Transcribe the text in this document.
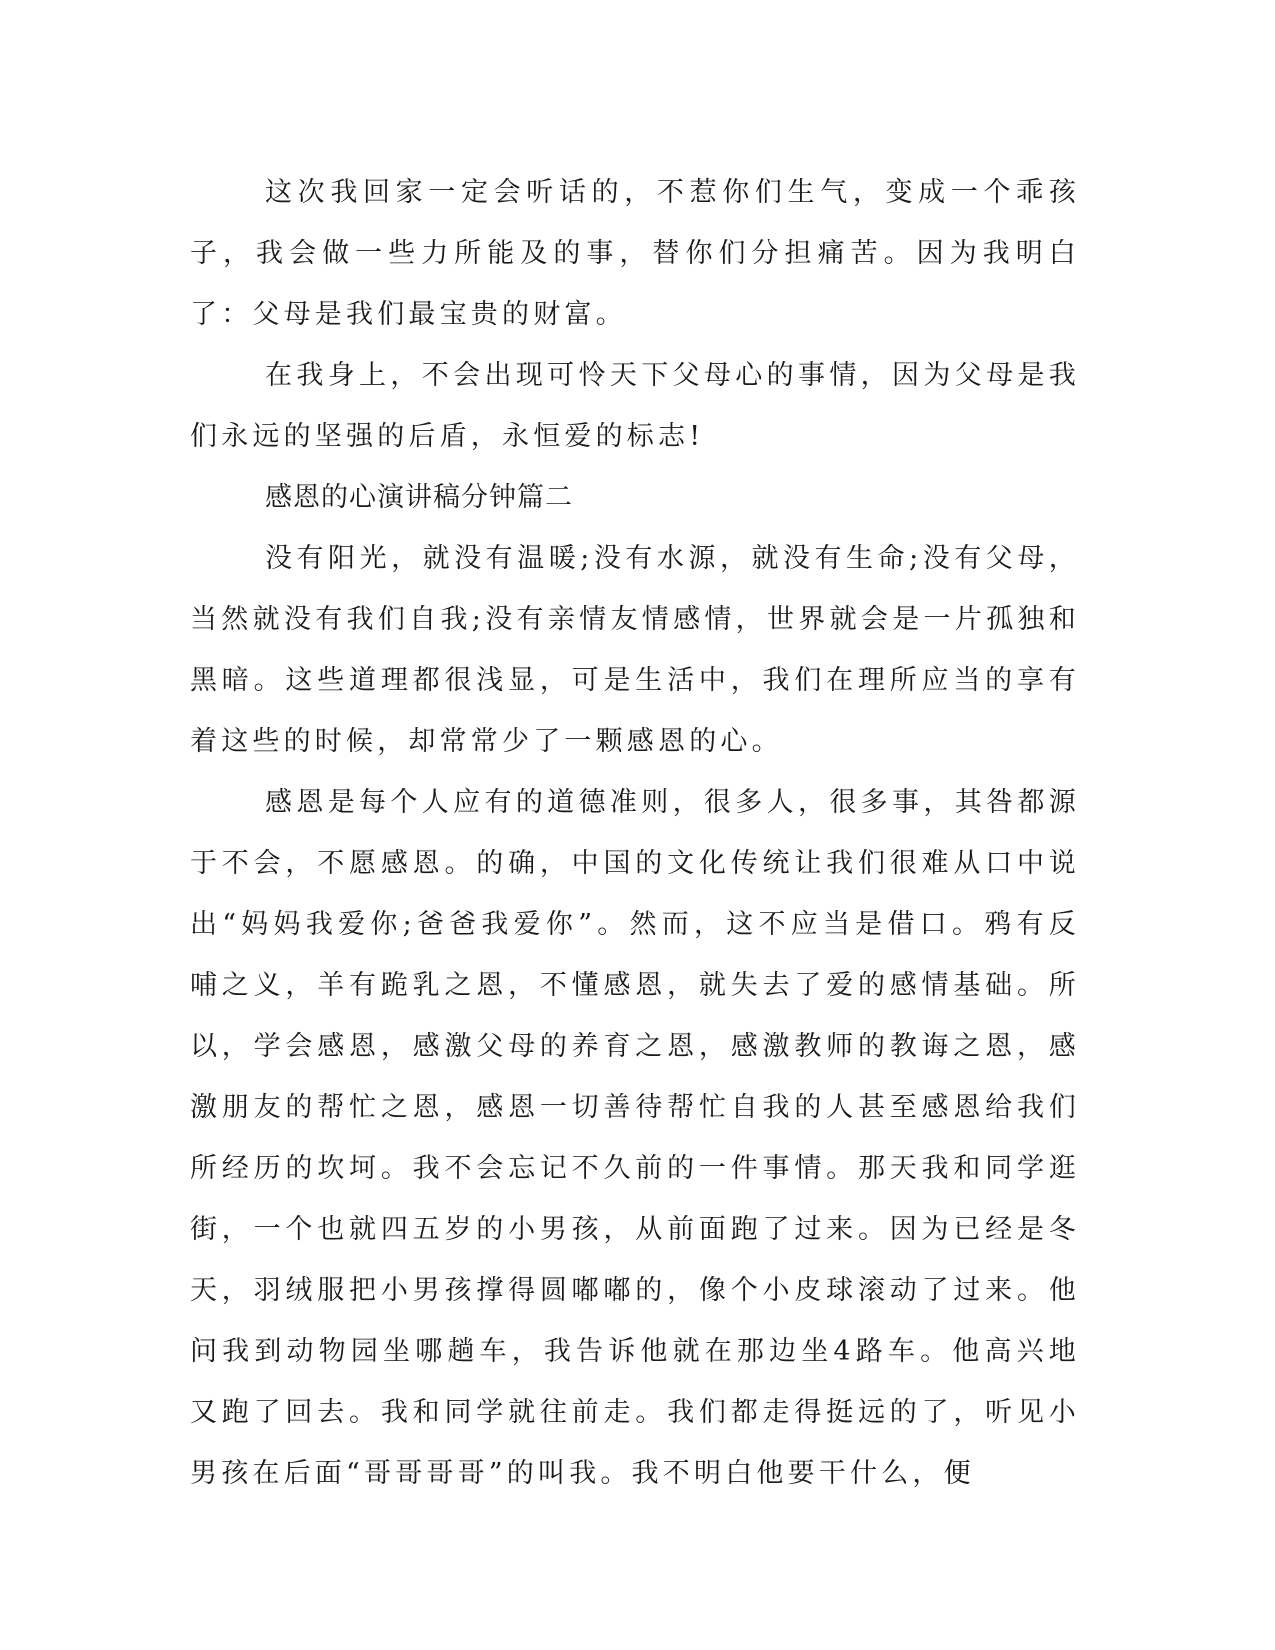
这次我回家一定会听话的，不惹你们生气，变成一个乖孩子，我会做一些力所能及的事，替你们分担痛苦。因为我明白了：父母是我们最宝贵的财富。

在我身上，不会出现可怜天下父母心的事情，因为父母是我们永远的坚强的后盾，永恒爱的标志!

感恩的心演讲稿分钟篇二

没有阳光，就没有温暖;没有水源，就没有生命;没有父母，当然就没有我们自我;没有亲情友情感情，世界就会是一片孤独和黑暗。这些道理都很浅显，可是生活中，我们在理所应当的享有着这些的时候，却常常少了一颗感恩的心。

感恩是每个人应有的道德准则，很多人，很多事，其咎都源于不会，不愿感恩。的确，中国的文化传统让我们很难从口中说出“妈妈我爱你;爸爸我爱你”。然而，这不应当是借口。鸦有反哺之义，羊有跪乳之恩，不懂感恩，就失去了爱的感情基础。所以，学会感恩，感激父母的养育之恩，感激教师的教诲之恩，感激朋友的帮忙之恩，感恩一切善待帮忙自我的人甚至感恩给我们所经历的坎坷。我不会忘记不久前的一件事情。那天我和同学逛街，一个也就四五岁的小男孩，从前面跑了过来。因为已经是冬天，羽绒服把小男孩撑得圆嘟嘟的，像个小皮球滚动了过来。他问我到动物园坐哪趟车，我告诉他就在那边坐4路车。他高兴地又跑了回去。我和同学就往前走。我们都走得挺远的了，听见小男孩在后面“哥哥哥哥”的叫我。我不明白他要干什么，便
